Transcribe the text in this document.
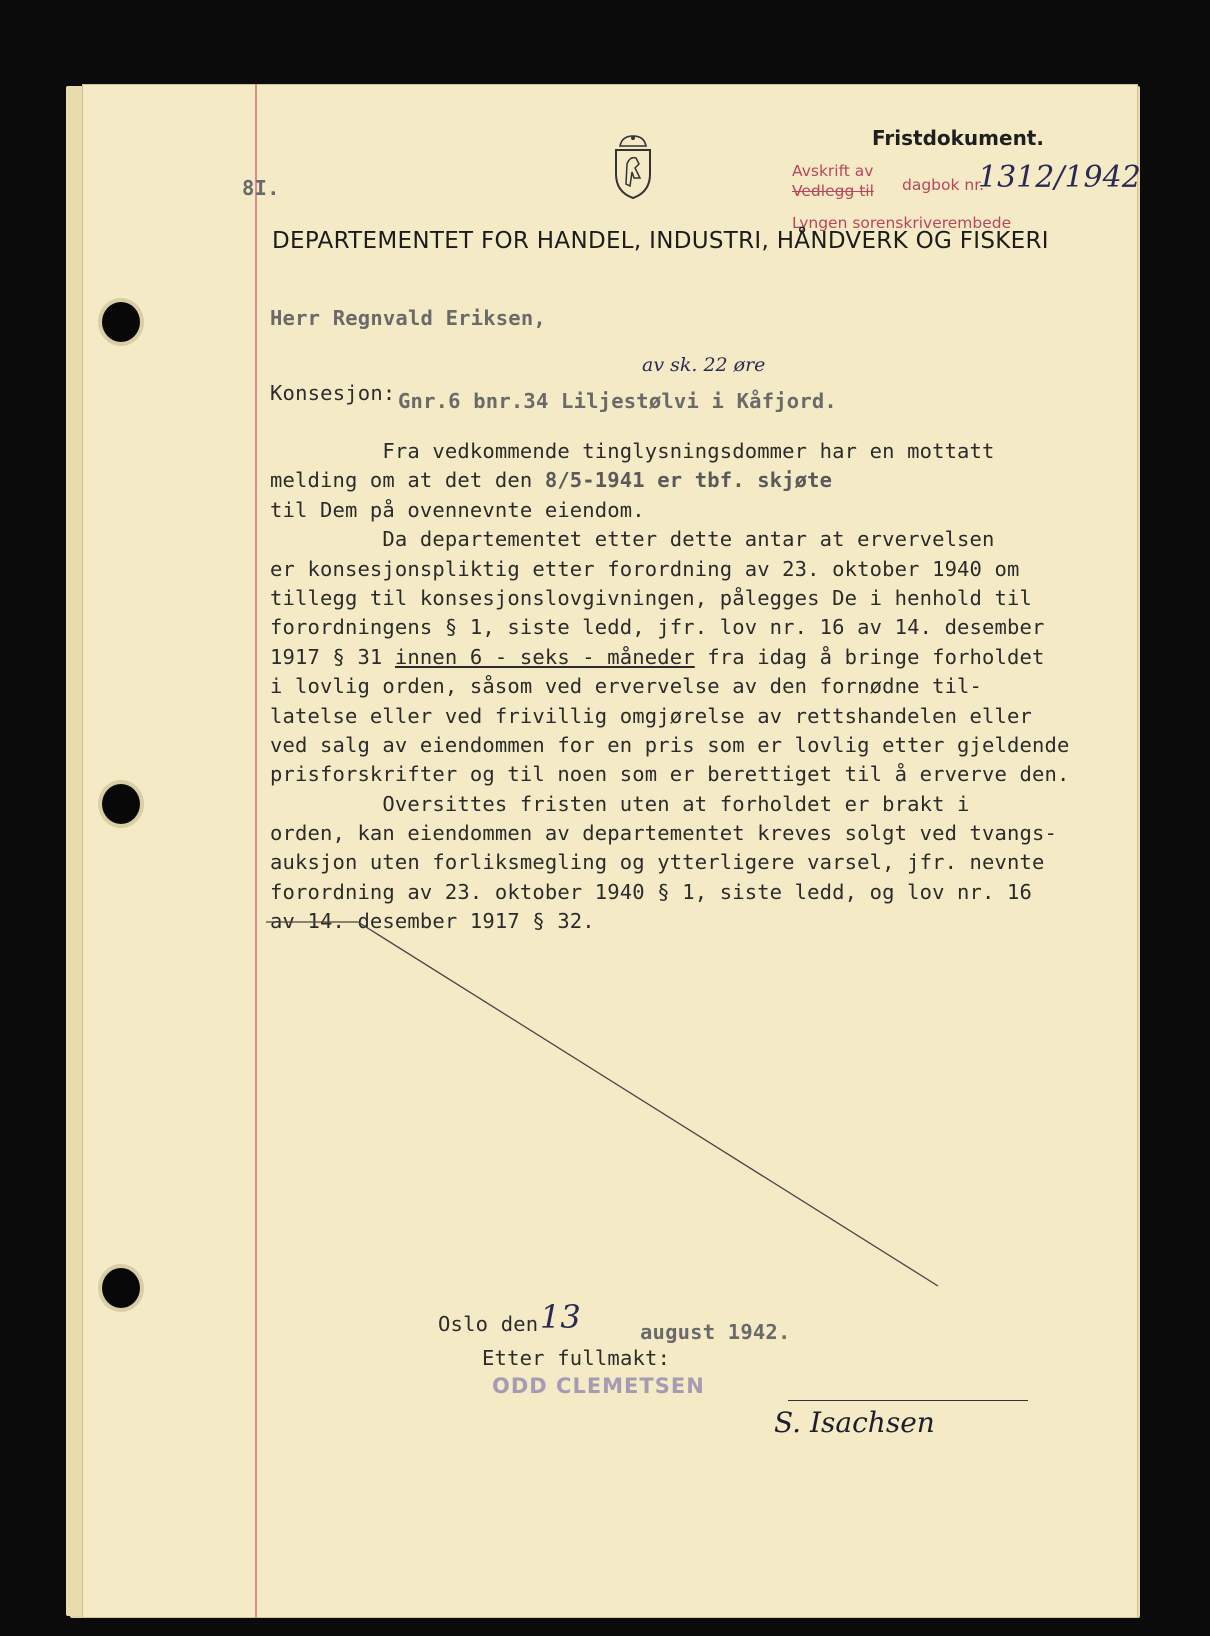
Fristdokument.
8I.
Avskrift av
Vedlegg til dagbok nr.
1312/1942
Lyngen sorenskriverembede
DEPARTEMENTET FOR HANDEL, INDUSTRI, HÅNDVERK OG FISKERI
Herr Regnvald Eriksen,
Konsesjon: Gnr.6 bnr.34 Liljestølvi i Kåfjord.
av sk. 22 øre
Fra vedkommende tinglysningsdommer har en mottatt
melding om at det den 8/5-1941 er tbf. skjøte
til Dem på ovennevnte eiendom.
Da departementet etter dette antar at ervervelsen
er konsesjonspliktig etter forordning av 23. oktober 1940 om
tillegg til konsesjonslovgivningen, pålegges De i henhold til
forordningens § 1, siste ledd, jfr. lov nr. 16 av 14. desember
1917 § 31 innen 6 - seks - måneder fra idag å bringe forholdet
i lovlig orden, såsom ved ervervelse av den fornødne til-
latelse eller ved frivillig omgjørelse av rettshandelen eller
ved salg av eiendommen for en pris som er lovlig etter gjeldende
prisforskrifter og til noen som er berettiget til å erverve den.
Oversittes fristen uten at forholdet er brakt i
orden, kan eiendommen av departementet kreves solgt ved tvangs-
auksjon uten forliksmegling og ytterligere varsel, jfr. nevnte
forordning av 23. oktober 1940 § 1, siste ledd, og lov nr. 16
av 14. desember 1917 § 32.
Oslo den
13	august 1942.
Etter fullmakt:
ODD CLEMETSEN
S. Isachsen
